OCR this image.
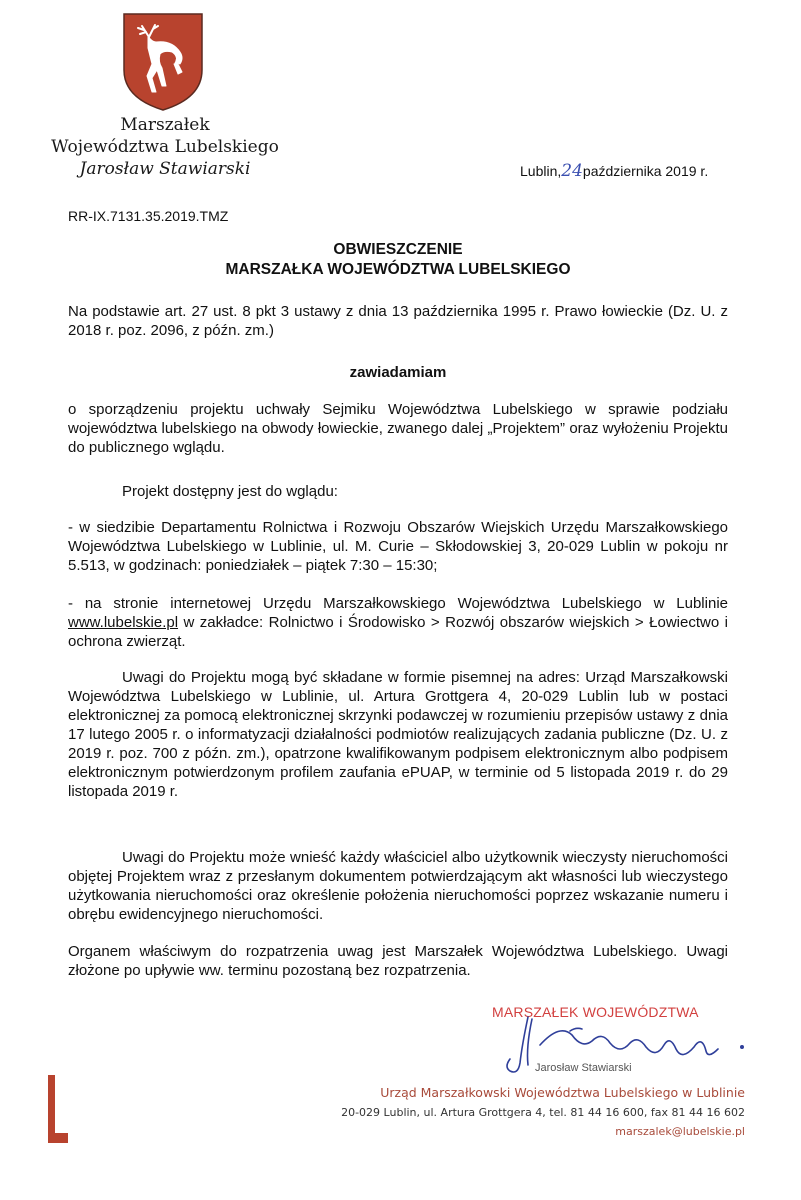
Marszałek
Województwa Lubelskiego
Jarosław Stawiarski	Lublin,24października 2019 r.
RR-IX.7131.35.2019.TMZ
OBWIESZCZENIE
MARSZAŁKA WOJEWÓDZTWA LUBELSKIEGO
Na podstawie art. 27 ust. 8 pkt 3 ustawy z dnia 13 października 1995 r. Prawo łowieckie (Dz. U. z 2018 r. poz. 2096, z późn. zm.)
zawiadamiam
o sporządzeniu projektu uchwały Sejmiku Województwa Lubelskiego w sprawie podziału województwa lubelskiego na obwody łowieckie, zwanego dalej „Projektem” oraz wyłożeniu Projektu do publicznego wglądu.
Projekt dostępny jest do wglądu:
- w siedzibie Departamentu Rolnictwa i Rozwoju Obszarów Wiejskich Urzędu Marszałkowskiego Województwa Lubelskiego w Lublinie, ul. M. Curie – Skłodowskiej 3, 20-029 Lublin w pokoju nr 5.513, w godzinach: poniedziałek – piątek 7:30 – 15:30;
- na stronie internetowej Urzędu Marszałkowskiego Województwa Lubelskiego w Lublinie www.lubelskie.pl w zakładce: Rolnictwo i Środowisko > Rozwój obszarów wiejskich > Łowiectwo i ochrona zwierząt.
Uwagi do Projektu mogą być składane w formie pisemnej na adres: Urząd Marszałkowski Województwa Lubelskiego w Lublinie, ul. Artura Grottgera 4, 20-029 Lublin lub w postaci elektronicznej za pomocą elektronicznej skrzynki podawczej w rozumieniu przepisów ustawy z dnia 17 lutego 2005 r. o informatyzacji działalności podmiotów realizujących zadania publiczne (Dz. U. z 2019 r. poz. 700 z późn. zm.), opatrzone kwalifikowanym podpisem elektronicznym albo podpisem elektronicznym potwierdzonym profilem zaufania ePUAP, w terminie od 5 listopada 2019 r. do 29 listopada 2019 r.
Uwagi do Projektu może wnieść każdy właściciel albo użytkownik wieczysty nieruchomości objętej Projektem wraz z przesłanym dokumentem potwierdzającym akt własności lub wieczystego użytkowania nieruchomości oraz określenie położenia nieruchomości poprzez wskazanie numeru i obrębu ewidencyjnego nieruchomości.
Organem właściwym do rozpatrzenia uwag jest Marszałek Województwa Lubelskiego. Uwagi złożone po upływie ww. terminu pozostaną bez rozpatrzenia.
MARSZAŁEK WOJEWÓDZTWA
Jarosław Stawiarski
Urząd Marszałkowski Województwa Lubelskiego w Lublinie
20-029 Lublin, ul. Artura Grottgera 4, tel. 81 44 16 600, fax 81 44 16 602
marszalek@lubelskie.pl
